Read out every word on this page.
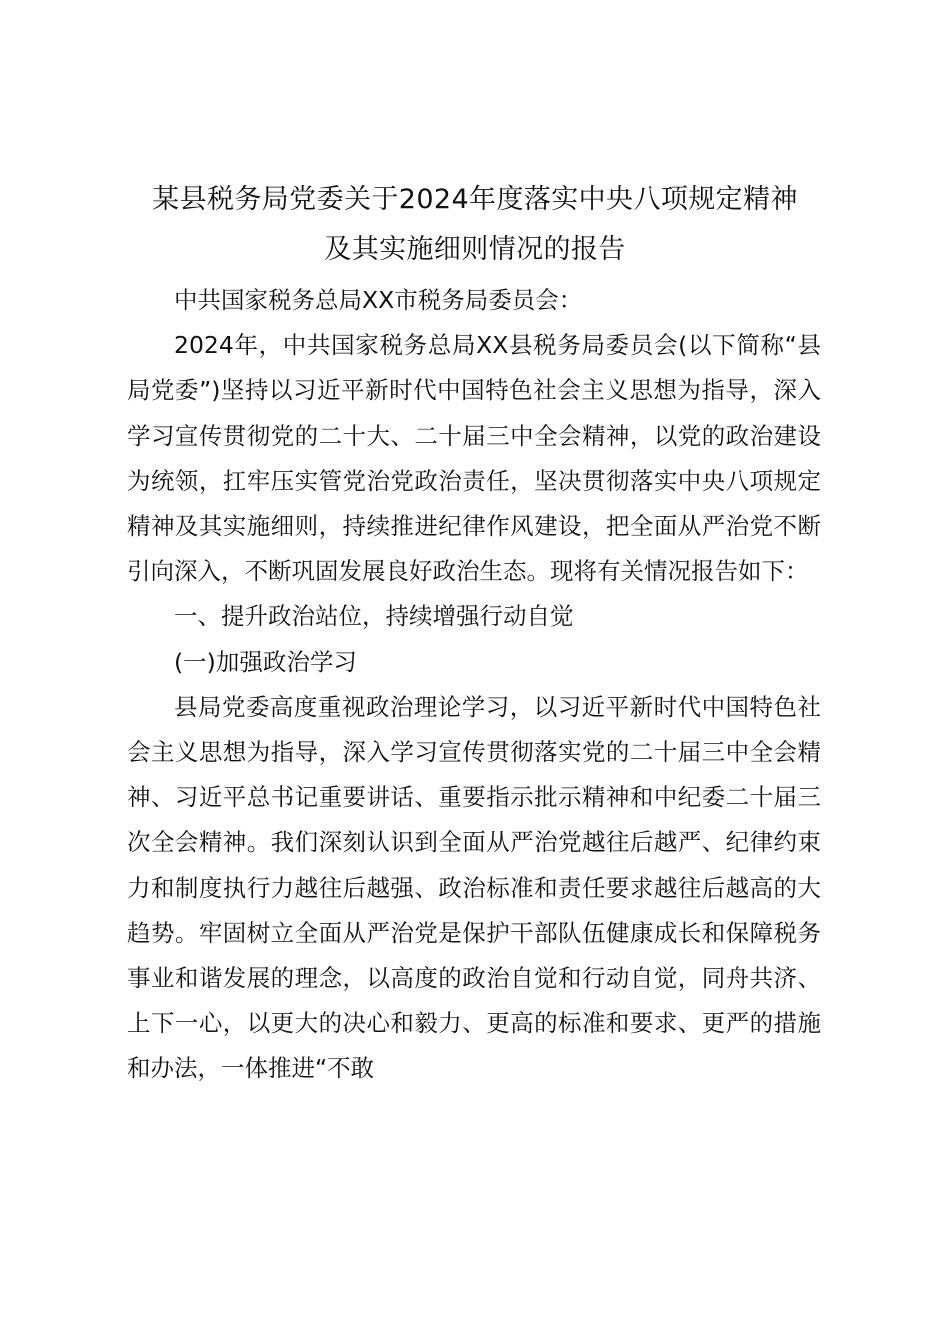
某县税务局党委关于2024年度落实中央八项规定精神
及其实施细则情况的报告

中共国家税务总局XX市税务局委员会：

2024年，中共国家税务总局XX县税务局委员会(以下简称“县局党委”)坚持以习近平新时代中国特色社会主义思想为指导，深入学习宣传贯彻党的二十大、二十届三中全会精神，以党的政治建设为统领，扛牢压实管党治党政治责任，坚决贯彻落实中央八项规定精神及其实施细则，持续推进纪律作风建设，把全面从严治党不断引向深入，不断巩固发展良好政治生态。现将有关情况报告如下：

一、提升政治站位，持续增强行动自觉

(一)加强政治学习

县局党委高度重视政治理论学习，以习近平新时代中国特色社会主义思想为指导，深入学习宣传贯彻落实党的二十届三中全会精神、习近平总书记重要讲话、重要指示批示精神和中纪委二十届三次全会精神。我们深刻认识到全面从严治党越往后越严、纪律约束力和制度执行力越往后越强、政治标准和责任要求越往后越高的大趋势。牢固树立全面从严治党是保护干部队伍健康成长和保障税务事业和谐发展的理念，以高度的政治自觉和行动自觉，同舟共济、上下一心，以更大的决心和毅力、更高的标准和要求、更严的措施和办法，一体推进“不敢
